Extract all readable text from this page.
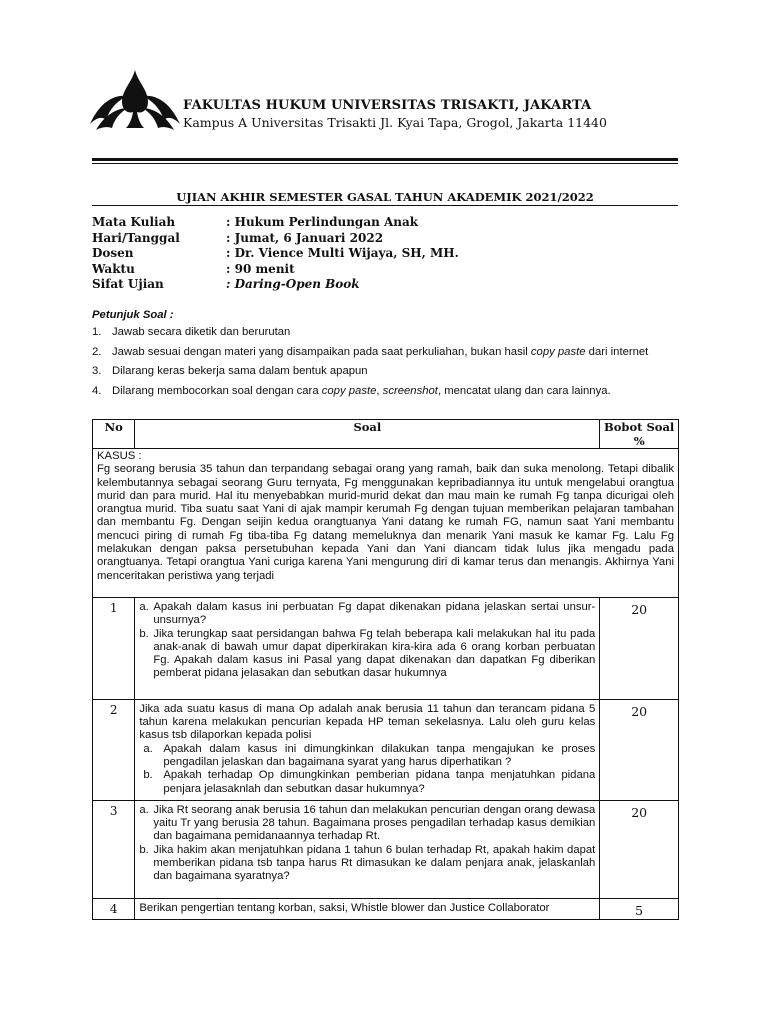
FAKULTAS HUKUM UNIVERSITAS TRISAKTI, JAKARTA
Kampus A Universitas Trisakti Jl. Kyai Tapa, Grogol, Jakarta 11440
UJIAN AKHIR SEMESTER GASAL TAHUN AKADEMIK 2021/2022
Mata Kuliah	: Hukum Perlindungan Anak
Hari/Tanggal	: Jumat, 6 Januari 2022
Dosen	: Dr. Vience Multi Wijaya, SH, MH.
Waktu	: 90 menit
Sifat Ujian	: Daring-Open Book
Petunjuk Soal :
1. Jawab secara diketik dan berurutan
2. Jawab sesuai dengan materi yang disampaikan pada saat perkuliahan, bukan hasil copy paste dari internet
3. Dilarang keras bekerja sama dalam bentuk apapun
4. Dilarang membocorkan soal dengan cara copy paste, screenshot, mencatat ulang dan cara lainnya.
No	Soal	Bobot Soal %

KASUS :
Fg seorang berusia 35 tahun dan terpandang sebagai orang yang ramah, baik dan suka menolong. Tetapi dibalik kelembutannya sebagai seorang Guru ternyata, Fg menggunakan kepribadiannya itu untuk mengelabui orangtua murid dan para murid. Hal itu menyebabkan murid-murid dekat dan mau main ke rumah Fg tanpa dicurigai oleh orangtua murid. Tiba suatu saat Yani di ajak mampir kerumah Fg dengan tujuan memberikan pelajaran tambahan dan membantu Fg. Dengan seijin kedua orangtuanya Yani datang ke rumah FG, namun saat Yani membantu mencuci piring di rumah Fg tiba-tiba Fg datang memeluknya dan menarik Yani masuk ke kamar Fg. Lalu Fg melakukan dengan paksa persetubuhan kepada Yani dan Yani diancam tidak lulus jika mengadu pada orangtuanya. Tetapi orangtua Yani curiga karena Yani mengurung diri di kamar terus dan menangis. Akhirnya Yani menceritakan peristiwa yang terjadi		
1	a. Apakah dalam kasus ini perbuatan Fg dapat dikenakan pidana jelaskan sertai unsur-unsurnya?
b. Jika terungkap saat persidangan bahwa Fg telah beberapa kali melakukan hal itu pada anak-anak di bawah umur dapat diperkirakan kira-kira ada 6 orang korban perbuatan Fg. Apakah dalam kasus ini Pasal yang dapat dikenakan dan dapatkan Fg diberikan pemberat pidana jelasakan dan sebutkan dasar hukumnya	20
2	Jika ada suatu kasus di mana Op adalah anak berusia 11 tahun dan terancam pidana 5 tahun karena melakukan pencurian kepada HP teman sekelasnya. Lalu oleh guru kelas kasus tsb dilaporkan kepada polisi
a. Apakah dalam kasus ini dimungkinkan dilakukan tanpa mengajukan ke proses pengadilan jelaskan dan bagaimana syarat yang harus diperhatikan ?
b. Apakah terhadap Op dimungkinkan pemberian pidana tanpa menjatuhkan pidana penjara jelasaknlah dan sebutkan dasar hukumnya?	20
3	a. Jika Rt seorang anak berusia 16 tahun dan melakukan pencurian dengan orang dewasa yaitu Tr yang berusia 28 tahun. Bagaimana proses pengadilan terhadap kasus demikian dan bagaimana pemidanaannya terhadap Rt.
b. Jika hakim akan menjatuhkan pidana 1 tahun 6 bulan terhadap Rt, apakah hakim dapat memberikan pidana tsb tanpa harus Rt dimasukan ke dalam penjara anak, jelaskanlah dan bagaimana syaratnya?	20
4	Berikan pengertian tentang korban, saksi, Whistle blower dan Justice Collaborator	5
